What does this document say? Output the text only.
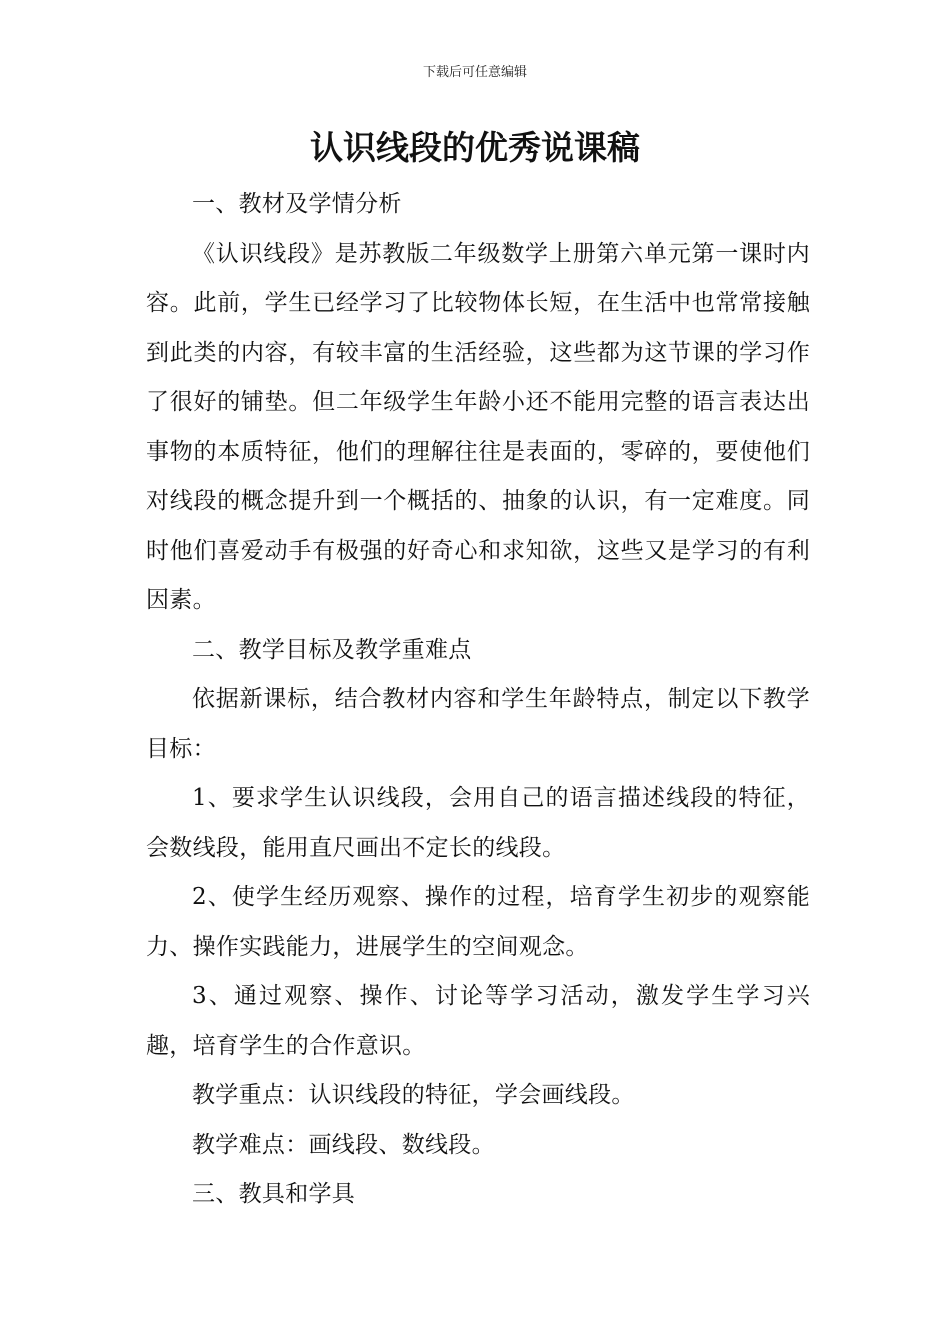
下载后可任意编辑
认识线段的优秀说课稿

一、教材及学情分析

《认识线段》是苏教版二年级数学上册第六单元第一课时内容。此前，学生已经学习了比较物体长短，在生活中也常常接触到此类的内容，有较丰富的生活经验，这些都为这节课的学习作了很好的铺垫。但二年级学生年龄小还不能用完整的语言表达出事物的本质特征，他们的理解往往是表面的，零碎的，要使他们对线段的概念提升到一个概括的、抽象的认识，有一定难度。同时他们喜爱动手有极强的好奇心和求知欲，这些又是学习的有利因素。

二、教学目标及教学重难点

依据新课标，结合教材内容和学生年龄特点，制定以下教学目标：

1、要求学生认识线段，会用自己的语言描述线段的特征，会数线段，能用直尺画出不定长的线段。

2、使学生经历观察、操作的过程，培育学生初步的观察能力、操作实践能力，进展学生的空间观念。

3、通过观察、操作、讨论等学习活动，激发学生学习兴趣，培育学生的合作意识。

教学重点：认识线段的特征，学会画线段。

教学难点：画线段、数线段。

三、教具和学具
